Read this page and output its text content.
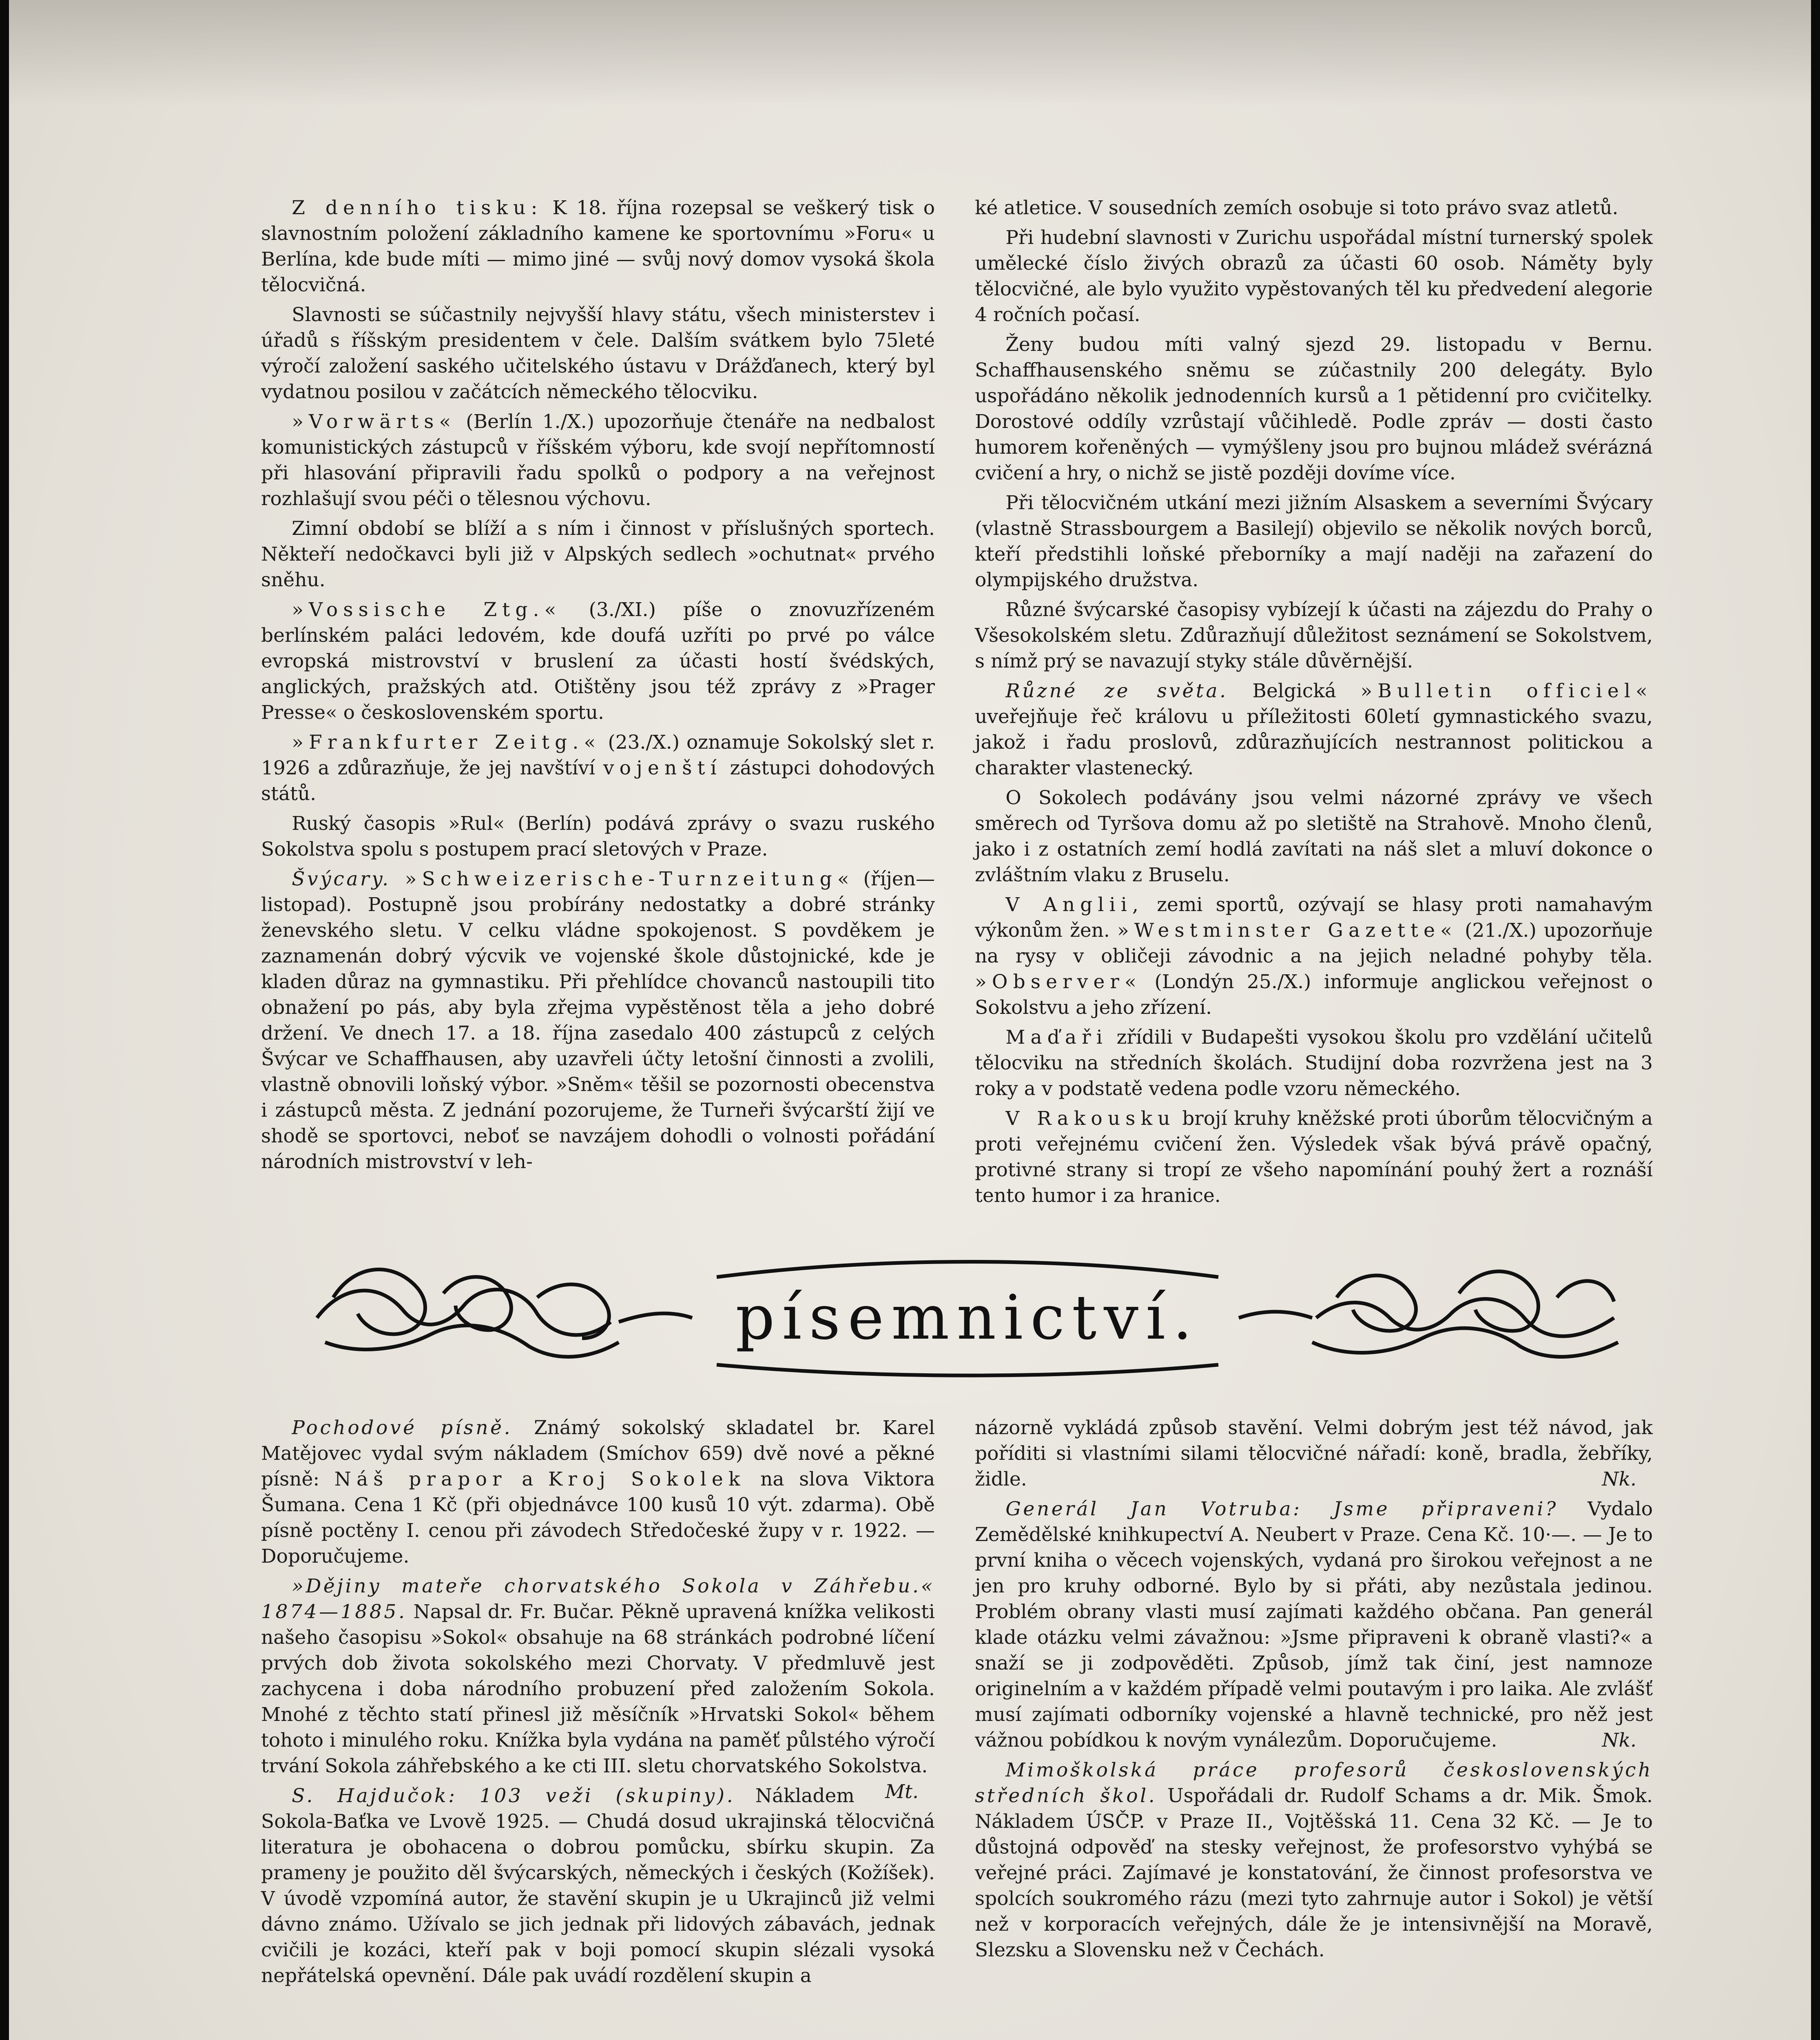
Z denního tisku: K 18. října rozepsal se veškerý tisk o slavnostním položení základního kamene ke sportovnímu »Foru« u Berlína, kde bude míti — mimo jiné — svůj nový domov vysoká škola tělocvičná.

Slavnosti se súčastnily nejvyšší hlavy státu, všech ministerstev i úřadů s říšským presidentem v čele. Dalším svátkem bylo 75leté výročí založení saského učitelského ústavu v Drážďanech, který byl vydatnou posilou v začátcích německého tělocviku.

»Vorwärts« (Berlín 1./X.) upozorňuje čtenáře na nedbalost komunistických zástupců v říšském výboru, kde svojí nepřítomností při hlasování připravili řadu spolků o podpory a na veřejnost rozhlašují svou péči o tělesnou výchovu.

Zimní období se blíží a s ním i činnost v příslušných sportech. Někteří nedočkavci byli již v Alpských sedlech »ochutnat« prvého sněhu.

»Vossische Ztg.« (3./XI.) píše o znovuzřízeném berlínském paláci ledovém, kde doufá uzříti po prvé po válce evropská mistrovství v bruslení za účasti hostí švédských, anglických, pražských atd. Otištěny jsou též zprávy z »Prager Presse« o československém sportu.

»Frankfurter Zeitg.« (23./X.) oznamuje Sokolský slet r. 1926 a zdůrazňuje, že jej navštíví vojenští zástupci dohodových států.

Ruský časopis »Rul« (Berlín) podává zprávy o svazu ruského Sokolstva spolu s postupem prací sletových v Praze.

Švýcary. »Schweizerische-Turnzeitung« (říjen—listopad). Postupně jsou probírány nedostatky a dobré stránky ženevského sletu. V celku vládne spokojenost. S povděkem je zaznamenán dobrý výcvik ve vojenské škole důstojnické, kde je kladen důraz na gymnastiku. Při přehlídce chovanců nastoupili tito obnažení po pás, aby byla zřejma vypěstěnost těla a jeho dobré držení. Ve dnech 17. a 18. října zasedalo 400 zástupců z celých Švýcar ve Schaffhausen, aby uzavřeli účty letošní činnosti a zvolili, vlastně obnovili loňský výbor. »Sněm« těšil se pozornosti obecenstva i zástupců města. Z jednání pozorujeme, že Turneři švýcarští žijí ve shodě se sportovci, neboť se navzájem dohodli o volnosti pořádání národních mistrovství v leh-

ké atletice. V sousedních zemích osobuje si toto právo svaz atletů.

Při hudební slavnosti v Zurichu uspořádal místní turnerský spolek umělecké číslo živých obrazů za účasti 60 osob. Náměty byly tělocvičné, ale bylo využito vypěstovaných těl ku předvedení alegorie 4 ročních počasí.

Ženy budou míti valný sjezd 29. listopadu v Bernu. Schaffhausenského sněmu se zúčastnily 200 delegáty. Bylo uspořádáno několik jednodenních kursů a 1 pětidenní pro cvičitelky. Dorostové oddíly vzrůstají vůčihledě. Podle zpráv — dosti často humorem kořeněných — vymýšleny jsou pro bujnou mládež svérázná cvičení a hry, o nichž se jistě později dovíme více.

Při tělocvičném utkání mezi jižním Alsaskem a severními Švýcary (vlastně Strassbourgem a Basilejí) objevilo se několik nových borců, kteří předstihli loňské přeborníky a mají naději na zařazení do olympijského družstva.

Různé švýcarské časopisy vybízejí k účasti na zájezdu do Prahy o Všesokolském sletu. Zdůrazňují důležitost seznámení se Sokolstvem, s nímž prý se navazují styky stále důvěrnější.

Různé ze světa. Belgická »Bulletin officiel« uveřejňuje řeč královu u příležitosti 60letí gymnastického svazu, jakož i řadu proslovů, zdůrazňujících nestrannost politickou a charakter vlastenecký.

O Sokolech podávány jsou velmi názorné zprávy ve všech směrech od Tyršova domu až po sletiště na Strahově. Mnoho členů, jako i z ostatních zemí hodlá zavítati na náš slet a mluví dokonce o zvláštním vlaku z Bruselu.

V Anglii, zemi sportů, ozývají se hlasy proti namahavým výkonům žen. »Westminster Gazette« (21./X.) upozorňuje na rysy v obličeji závodnic a na jejich neladné pohyby těla. »Observer« (Londýn 25./X.) informuje anglickou veřejnost o Sokolstvu a jeho zřízení.

Maďaři zřídili v Budapešti vysokou školu pro vzdělání učitelů tělocviku na středních školách. Studijní doba rozvržena jest na 3 roky a v podstatě vedena podle vzoru německého.

V Rakousku brojí kruhy kněžské proti úborům tělocvičným a proti veřejnému cvičení žen. Výsledek však bývá právě opačný, protivné strany si tropí ze všeho napomínání pouhý žert a roznáší tento humor i za hranice.

písemnictví.

Pochodové písně. Známý sokolský skladatel br. Karel Matějovec vydal svým nákladem (Smíchov 659) dvě nové a pěkné písně: Náš prapor a Kroj Sokolek na slova Viktora Šumana. Cena 1 Kč (při objednávce 100 kusů 10 výt. zdarma). Obě písně poctěny I. cenou při závodech Středočeské župy v r. 1922. — Doporučujeme.

»Dějiny mateře chorvatského Sokola v Záhřebu.« 1874—1885. Napsal dr. Fr. Bučar. Pěkně upravená knížka velikosti našeho časopisu »Sokol« obsahuje na 68 stránkách podrobné líčení prvých dob života sokolského mezi Chorvaty. V předmluvě jest zachycena i doba národního probuzení před založením Sokola. Mnohé z těchto statí přinesl již měsíčník »Hrvatski Sokol« během tohoto i minulého roku. Knížka byla vydána na paměť půlstého výročí trvání Sokola záhřebského a ke cti III. sletu chorvatského Sokolstva.
Mt.

S. Hajdučok: 103 veži (skupiny). Nákladem Sokola-Baťka ve Lvově 1925. — Chudá dosud ukrajinská tělocvičná literatura je obohacena o dobrou pomůcku, sbírku skupin. Za prameny je použito děl švýcarských, německých i českých (Kožíšek). V úvodě vzpomíná autor, že stavění skupin je u Ukrajinců již velmi dávno známo. Užívalo se jich jednak při lidových zábavách, jednak cvičili je kozáci, kteří pak v boji pomocí skupin slézali vysoká nepřátelská opevnění. Dále pak uvádí rozdělení skupin a

názorně vykládá způsob stavění. Velmi dobrým jest též návod, jak poříditi si vlastními silami tělocvičné nářadí: koně, bradla, žebříky, židle.	Nk.

Generál Jan Votruba: Jsme připraveni? Vydalo Zemědělské knihkupectví A. Neubert v Praze. Cena Kč. 10·—. — Je to první kniha o věcech vojenských, vydaná pro širokou veřejnost a ne jen pro kruhy odborné. Bylo by si přáti, aby nezůstala jedinou. Problém obrany vlasti musí zajímati každého občana. Pan generál klade otázku velmi závažnou: »Jsme připraveni k obraně vlasti?« a snaží se ji zodpověděti. Způsob, jímž tak činí, jest namnoze originelním a v každém případě velmi poutavým i pro laika. Ale zvlášť musí zajímati odborníky vojenské a hlavně technické, pro něž jest vážnou pobídkou k novým vynálezům. Doporučujeme.	Nk.

Mimoškolská práce profesorů československých středních škol. Uspořádali dr. Rudolf Schams a dr. Mik. Šmok. Nákladem ÚSČP. v Praze II., Vojtěšská 11. Cena 32 Kč. — Je to důstojná odpověď na stesky veřejnost, že profesorstvo vyhýbá se veřejné práci. Zajímavé je konstatování, že činnost profesorstva ve spolcích soukromého rázu (mezi tyto zahrnuje autor i Sokol) je větší než v korporacích veřejných, dále že je intensivnější na Moravě, Slezsku a Slovensku než v Čechách.
